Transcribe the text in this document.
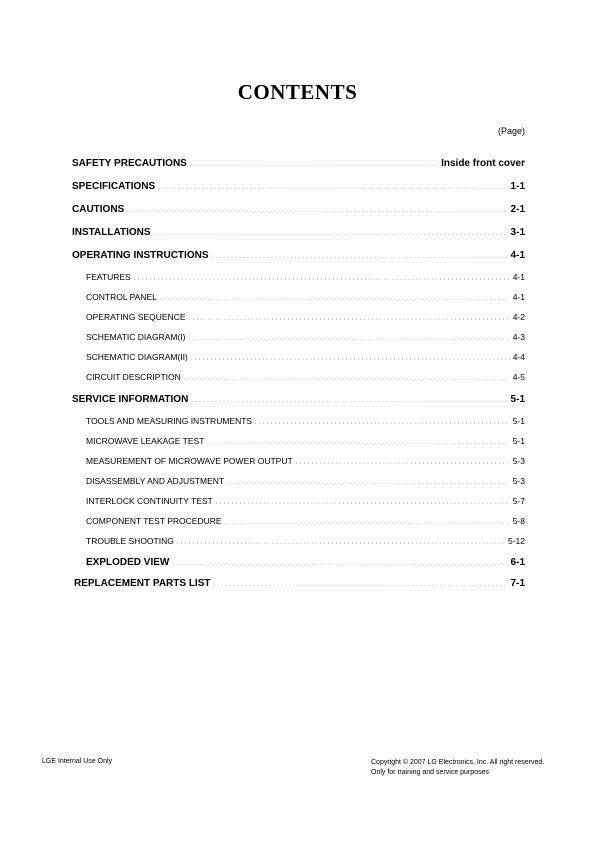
CONTENTS
(Page)
SAFETY PRECAUTIONS . . .	Inside front cover
SPECIFICATIONS . . .	1-1
CAUTIONS . . .	2-1
INSTALLATIONS . . .	3-1
OPERATING INSTRUCTIONS . . .	4-1
FEATURES . . .	4-1
CONTROL PANEL . . .	4-1
OPERATING SEQUENCE . . .	4-2
SCHEMATIC DIAGRAM(I) . . .	4-3
SCHEMATIC DIAGRAM(II) . . .	4-4
CIRCUIT DESCRIPTION . . .	4-5
SERVICE INFORMATION . . .	5-1
TOOLS AND MEASURING INSTRUMENTS . . .	5-1
MICROWAVE LEAKAGE TEST . . .	5-1
MEASUREMENT OF MICROWAVE POWER OUTPUT . . .	5-3
DISASSEMBLY AND ADJUSTMENT . . .	5-3
INTERLOCK CONTINUITY TEST . . .	5-7
COMPONENT TEST PROCEDURE . . .	5-8
TROUBLE SHOOTING . . .	5-12
EXPLODED VIEW . . .	6-1
REPLACEMENT PARTS LIST . . .	7-1
LGE Internal Use Only	Copyright © 2007 LG Electronics, Inc. All right reserved.
Only for training and service purposes
